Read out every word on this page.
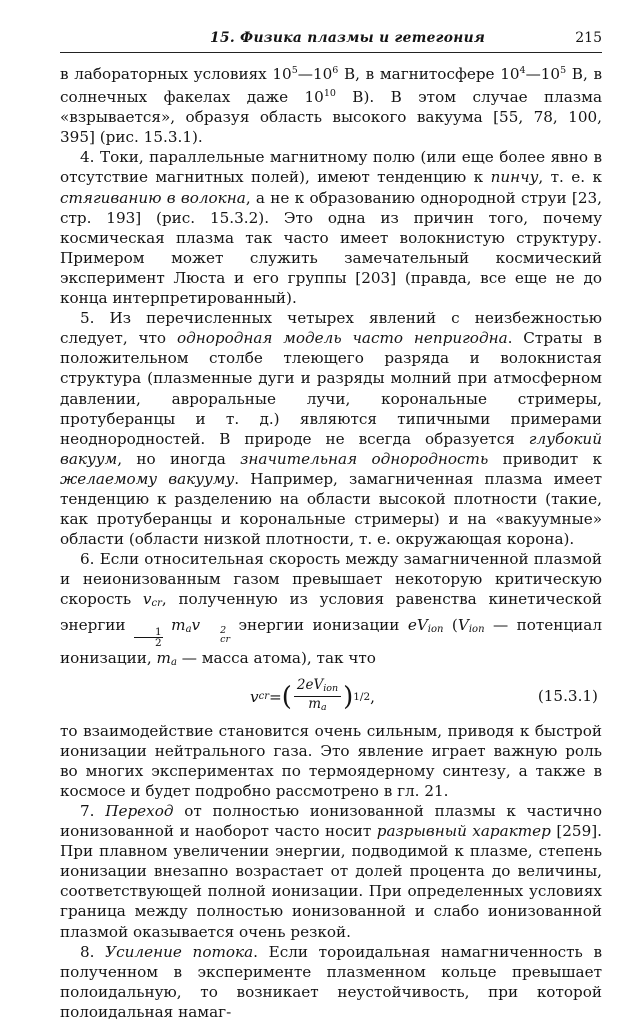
15. Физика плазмы и гетегония	215

в лабораторных условиях $10^5—10^6$ В, в магнитосфере $10^4—10^5$ В, в солнечных факелах даже $10^{10}$ В). В этом случае плазма «взрывается», образуя область высокого вакуума [55, 78, 100, 395] (рис. 15.3.1).

4. Токи, параллельные магнитному полю (или еще более явно в отсутствие магнитных полей), имеют тенденцию к пинчу, т. е. к стягиванию в волокна, а не к образованию однородной струи [23, стр. 193] (рис. 15.3.2). Это одна из причин того, почему космическая плазма так часто имеет волокнистую структуру. Примером может служить замечательный космический эксперимент Люста и его группы [203] (правда, все еще не до конца интерпретированный).

5. Из перечисленных четырех явлений с неизбежностью следует, что однородная модель часто непригодна. Страты в положительном столбе тлеющего разряда и волокнистая структура (плазменные дуги и разряды молний при атмосферном давлении, авроральные лучи, корональные стримеры, протуберанцы и т. д.) являются типичными примерами неоднородностей. В природе не всегда образуется глубокий вакуум, но иногда значительная однородность приводит к желаемому вакууму. Например, замагниченная плазма имеет тенденцию к разделению на области высокой плотности (такие, как протуберанцы и корональные стримеры) и на «вакуумные» области (области низкой плотности, т. е. окружающая корона).

6. Если относительная скорость между замагниченной плазмой и неионизованным газом превышает некоторую критическую скорость $v_{cr}$, полученную из условия равенства кинетической энергии
$\frac{1}{2}$
$m_av$	2
cr
энергии ионизации $eV_{ion}$ ($V_{ion}$ — потенциал ионизации, $m_a$ — масса атома), так что

v cr = ( $\frac{\text{2eVion}}{ma}$ ) 1/2 ,	(15.3.1)

то взаимодействие становится очень сильным, приводя к быстрой ионизации нейтрального газа. Это явление играет важную роль во многих экспериментах по термоядерному синтезу, а также в космосе и будет подробно рассмотрено в гл. 21.

7. Переход от полностью ионизованной плазмы к частично ионизованной и наоборот часто носит разрывный характер [259]. При плавном увеличении энергии, подводимой к плазме, степень ионизации внезапно возрастает от долей процента до величины, соответствующей полной ионизации. При определенных условиях граница между полностью ионизованной и слабо ионизованной плазмой оказывается очень резкой.

8. Усиление потока. Если тороидальная намагниченность в полученном в эксперименте плазменном кольце превышает полоидальную, то возникает неустойчивость, при которой полоидальная намаг-
